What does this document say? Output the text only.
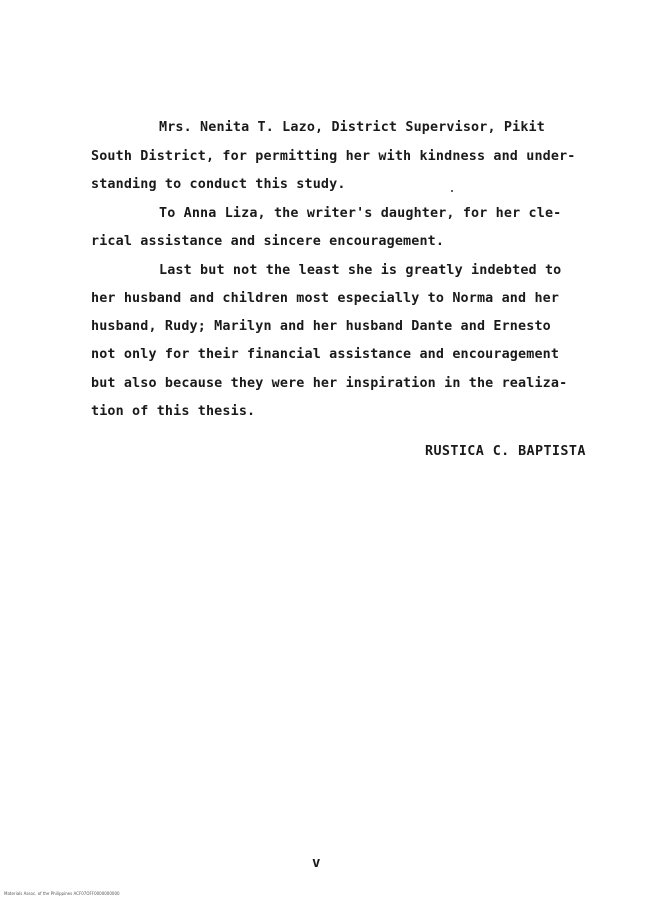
Mrs. Nenita T. Lazo, District Supervisor, Pikit
South District, for permitting her with kindness and under-
standing to conduct this study.
To Anna Liza, the writer's daughter, for her cle-
rical assistance and sincere encouragement.
Last but not the least she is greatly indebted to
her husband and children most especially to Norma and her
husband, Rudy; Marilyn and her husband Dante and Ernesto
not only for their financial assistance and encouragement
but also because they were her inspiration in the realiza-
tion of this thesis.
RUSTICA C. BAPTISTA
v
Materials Assoc. of the Philippines ACF07OFF0000000000
